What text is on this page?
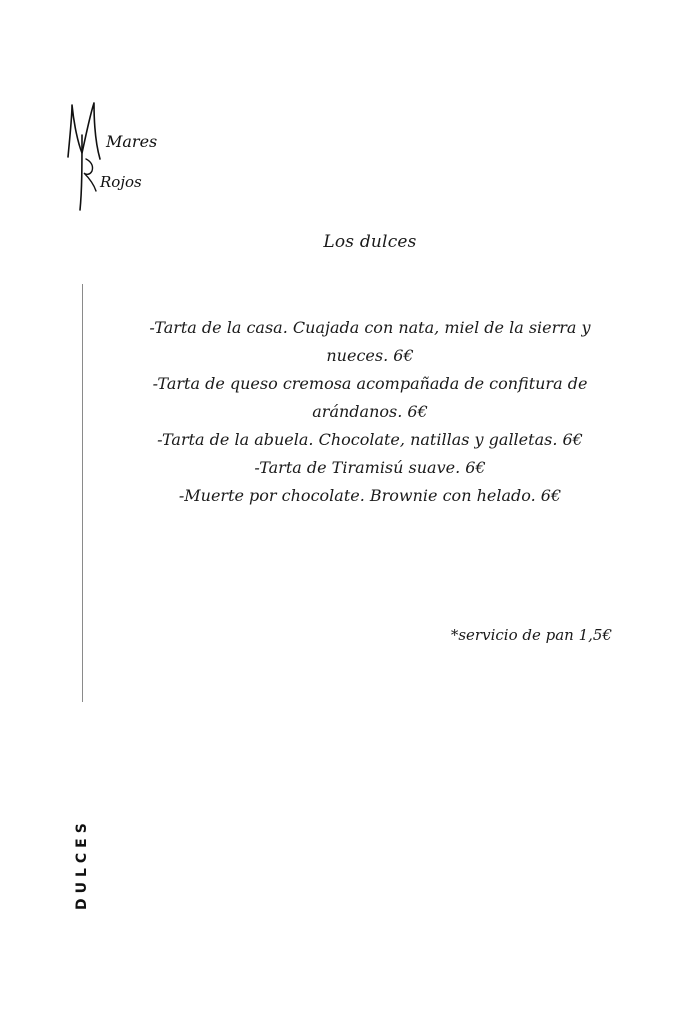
Mares
Rojos
Los dulces
-Tarta de la casa. Cuajada con nata, miel de la sierra y nueces. 6€
-Tarta de queso cremosa acompañada de confitura de arándanos. 6€
-Tarta de la abuela. Chocolate, natillas y galletas. 6€
-Tarta de Tiramisú suave. 6€
-Muerte por chocolate. Brownie con helado. 6€
*servicio de pan 1,5€
DULCES
